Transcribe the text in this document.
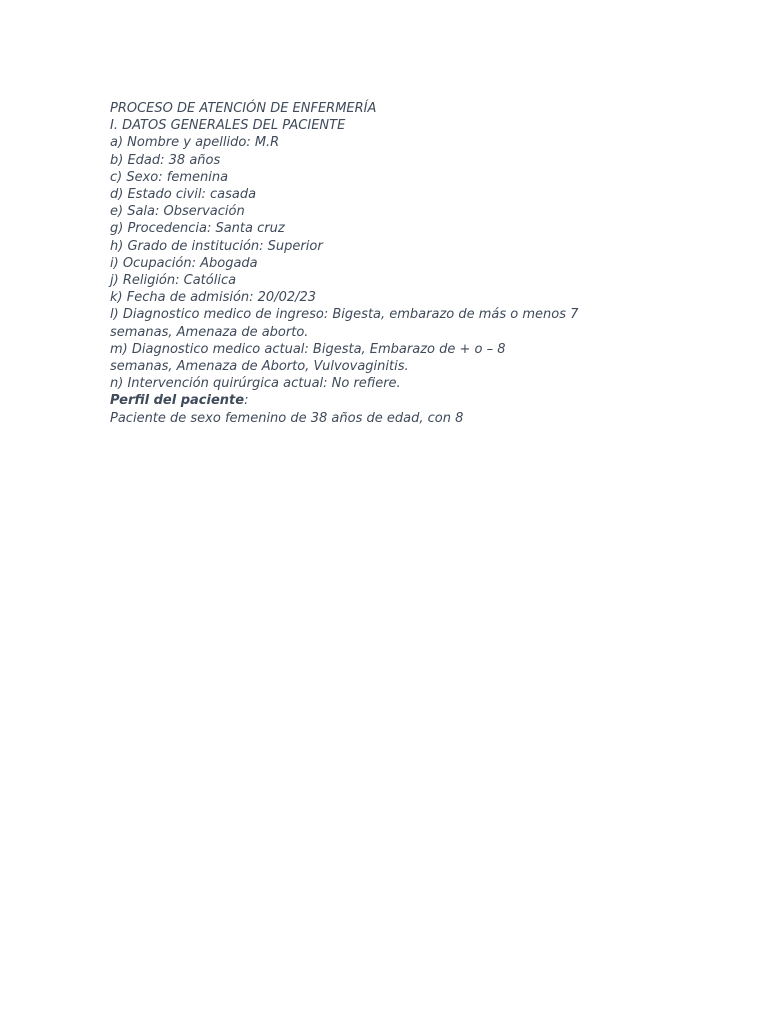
PROCESO DE ATENCIÓN DE ENFERMERÍA
I. DATOS GENERALES DEL PACIENTE
a) Nombre y apellido: M.R
b) Edad: 38 años
c) Sexo: femenina
d) Estado civil: casada
e) Sala: Observación
g) Procedencia: Santa cruz
h) Grado de institución: Superior
i) Ocupación: Abogada
j) Religión: Católica
k) Fecha de admisión: 20/02/23
l) Diagnostico medico de ingreso: Bigesta, embarazo de más o menos 7
semanas, Amenaza de aborto.
m) Diagnostico medico actual: Bigesta, Embarazo de + o – 8
semanas, Amenaza de Aborto, Vulvovaginitis.
n) Intervención quirúrgica actual: No refiere.
Perfil del paciente:
Paciente de sexo femenino de 38 años de edad, con 8
